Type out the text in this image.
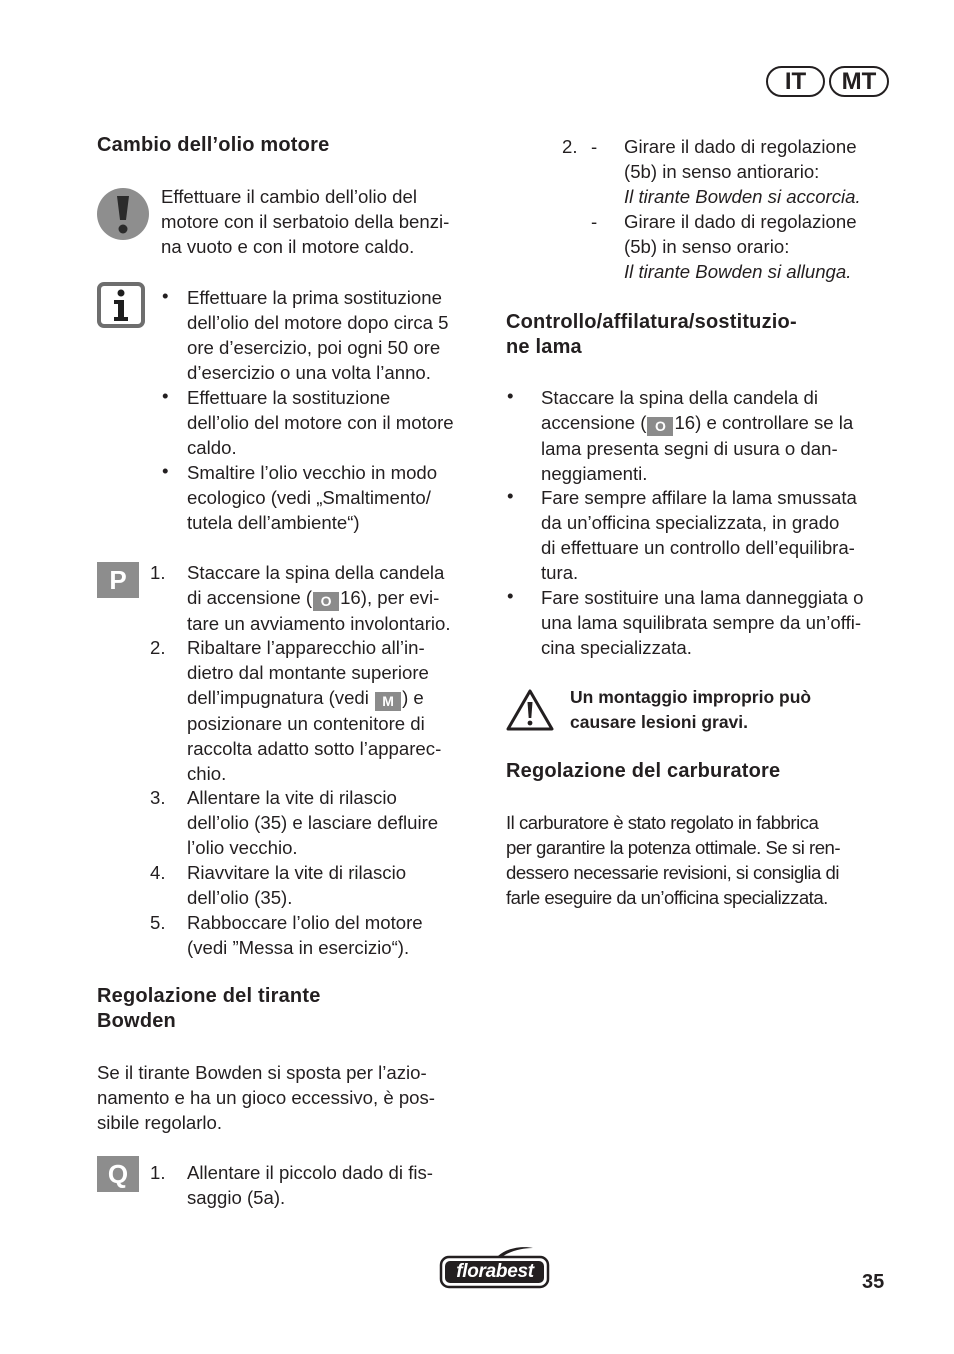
IT	MT
Cambio dell’olio motore
Effettuare il cambio dell’olio del
motore con il serbatoio della benzi-
na vuoto e con il motore caldo.
• Effettuare la prima sostituzione
dell’olio del motore dopo circa 5
ore d’esercizio, poi ogni 50 ore
d’esercizio o una volta l’anno.
• Effettuare la sostituzione
dell’olio del motore con il motore
caldo.
• Smaltire l’olio vecchio in modo
ecologico (vedi „Smaltimento/
tutela dell’ambiente“)
P	1. Staccare la spina della candela
di accensione ( O 16), per evi-
tare un avviamento involontario.
2. Ribaltare l’apparecchio all’in-
dietro dal montante superiore
dell’impugnatura (vedi M ) e
posizionare un contenitore di
raccolta adatto sotto l’apparec-
chio.
3. Allentare la vite di rilascio
dell’olio (35) e lasciare defluire
l’olio vecchio.
4. Riavvitare la vite di rilascio
dell’olio (35).
5. Rabboccare l’olio del motore
(vedi ”Messa in esercizio“).
Regolazione del tirante
Bowden
Se il tirante Bowden si sposta per l’azio-
namento e ha un gioco eccessivo, è pos-
sibile regolarlo.
Q	1. Allentare il piccolo dado di fis-
saggio (5a).
2. - Girare il dado di regolazione
(5b) in senso antiorario:
Il tirante Bowden si accorcia.
- Girare il dado di regolazione
(5b) in senso orario:
Il tirante Bowden si allunga.
Controllo/affilatura/sostituzio-
ne lama
• Staccare la spina della candela di
accensione ( O 16) e controllare se la
lama presenta segni di usura o dan-
neggiamenti.
• Fare sempre affilare la lama smussata
da un’officina specializzata, in grado
di effettuare un controllo dell’equilibra-
tura.
• Fare sostituire una lama danneggiata o
una lama squilibrata sempre da un’offi-
cina specializzata.
Un montaggio improprio può
causare lesioni gravi.
Regolazione del carburatore
Il carburatore è stato regolato in fabbrica
per garantire la potenza ottimale. Se si ren-
dessero necessarie revisioni, si consiglia di
farle eseguire da un’officina specializzata.
florabest	35
